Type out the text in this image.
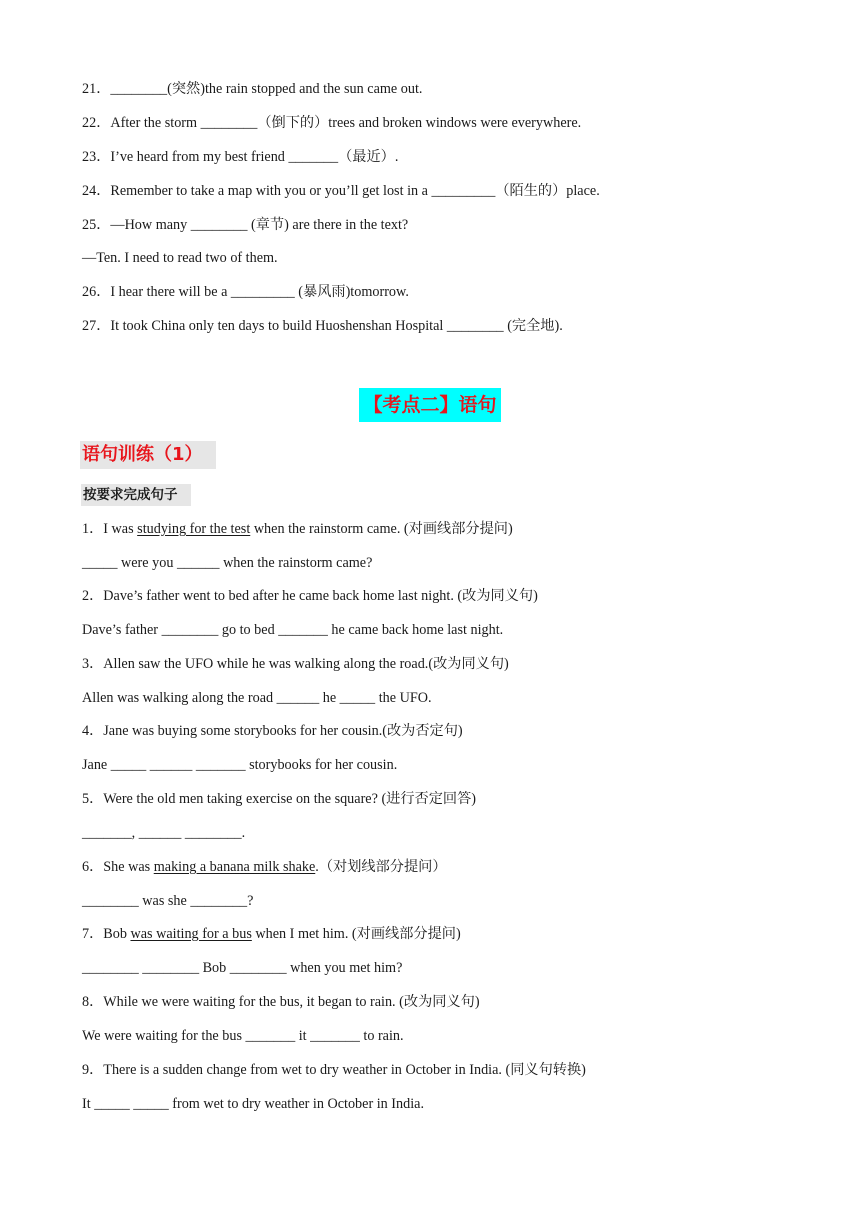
21．________(突然)the rain stopped and the sun came out.
22．After the storm ________（倒下的）trees and broken windows were everywhere.
23．I’ve heard from my best friend _______（最近）.
24．Remember to take a map with you or you’ll get lost in a _________（陌生的）place.
25．—How many ________ (章节) are there in the text?
—Ten. I need to read two of them.
26．I hear there will be a _________ (暴风雨)tomorrow.
27．It took China only ten days to build Huoshenshan Hospital ________ (完全地).
【考点二】语句
语句训练（1）
按要求完成句子
1．I was studying for the test when the rainstorm came. (对画线部分提问)
_____ were you ______ when the rainstorm came?
2．Dave’s father went to bed after he came back home last night. (改为同义句)
Dave’s father ________ go to bed _______ he came back home last night.
3．Allen saw the UFO while he was walking along the road.(改为同义句)
Allen was walking along the road ______ he _____ the UFO.
4．Jane was buying some storybooks for her cousin.(改为否定句)
Jane _____ ______ _______ storybooks for her cousin.
5．Were the old men taking exercise on the square? (进行否定回答)
_______, ______ ________.
6．She was making a banana milk shake.（对划线部分提问）
________ was she ________?
7．Bob was waiting for a bus when I met him. (对画线部分提问)
________ ________ Bob ________ when you met him?
8．While we were waiting for the bus, it began to rain. (改为同义句)
We were waiting for the bus _______ it _______ to rain.
9．There is a sudden change from wet to dry weather in October in India. (同义句转换)
It _____ _____ from wet to dry weather in October in India.
